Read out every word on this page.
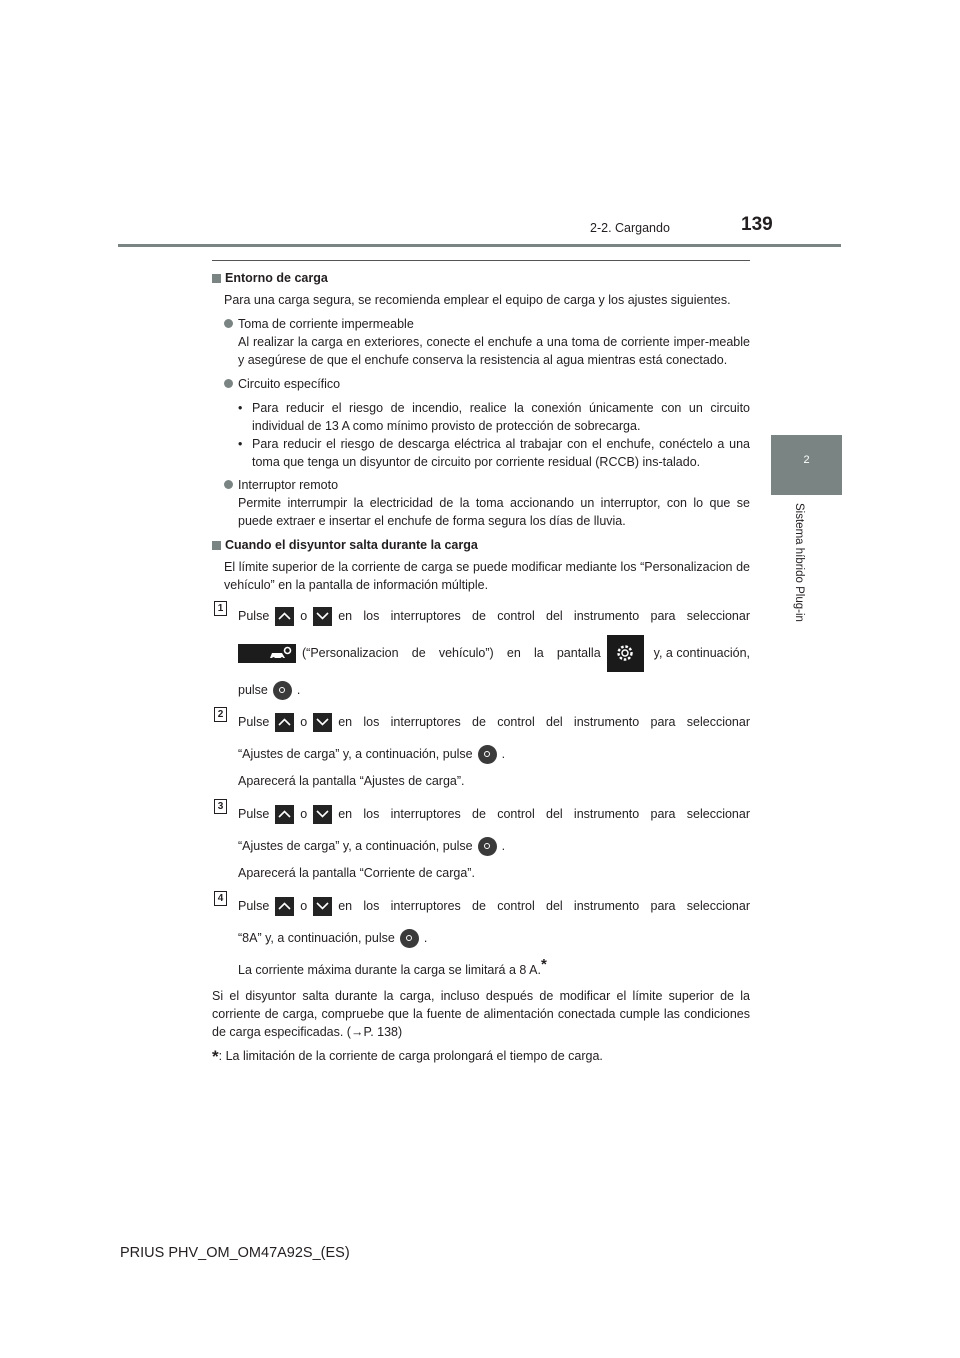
2-2. Cargando	139
2
Sistema híbrido Plug-in
Entorno de carga

Para una carga segura, se recomienda emplear el equipo de carga y los ajustes siguientes.

Toma de corriente impermeable

Al realizar la carga en exteriores, conecte el enchufe a una toma de corriente imper-meable y asegúrese de que el enchufe conserva la resistencia al agua mientras está conectado.

Circuito específico

• Para reducir el riesgo de incendio, realice la conexión únicamente con un circuito individual de 13 A como mínimo provisto de protección de sobrecarga.
• Para reducir el riesgo de descarga eléctrica al trabajar con el enchufe, conéctelo a una toma que tenga un disyuntor de circuito por corriente residual (RCCB) ins-talado.

Interruptor remoto

Permite interrumpir la electricidad de la toma accionando un interruptor, con lo que se puede extraer e insertar el enchufe de forma segura los días de lluvia.

Cuando el disyuntor salta durante la carga

El límite superior de la corriente de carga se puede modificar mediante los “Personalizacion de vehículo” en la pantalla de información múltiple.

1
Pulse o en los interruptores de control del instrumento para seleccionar
(“Personalizacion de vehículo”) en la pantalla	y, a continuación,
pulse .
2
Pulse o en los interruptores de control del instrumento para seleccionar
“Ajustes de carga” y, a continuación, pulse .

Aparecerá la pantalla “Ajustes de carga”.

3
Pulse o en los interruptores de control del instrumento para seleccionar
“Ajustes de carga” y, a continuación, pulse .

Aparecerá la pantalla “Corriente de carga”.

4
Pulse o en los interruptores de control del instrumento para seleccionar
“8A” y, a continuación, pulse .

La corriente máxima durante la carga se limitará a 8 A.*

Si el disyuntor salta durante la carga, incluso después de modificar el límite superior de la corriente de carga, compruebe que la fuente de alimentación conectada cumple las condiciones de carga especificadas. (→P. 138)

*: La limitación de la corriente de carga prolongará el tiempo de carga.

PRIUS PHV_OM_OM47A92S_(ES)
